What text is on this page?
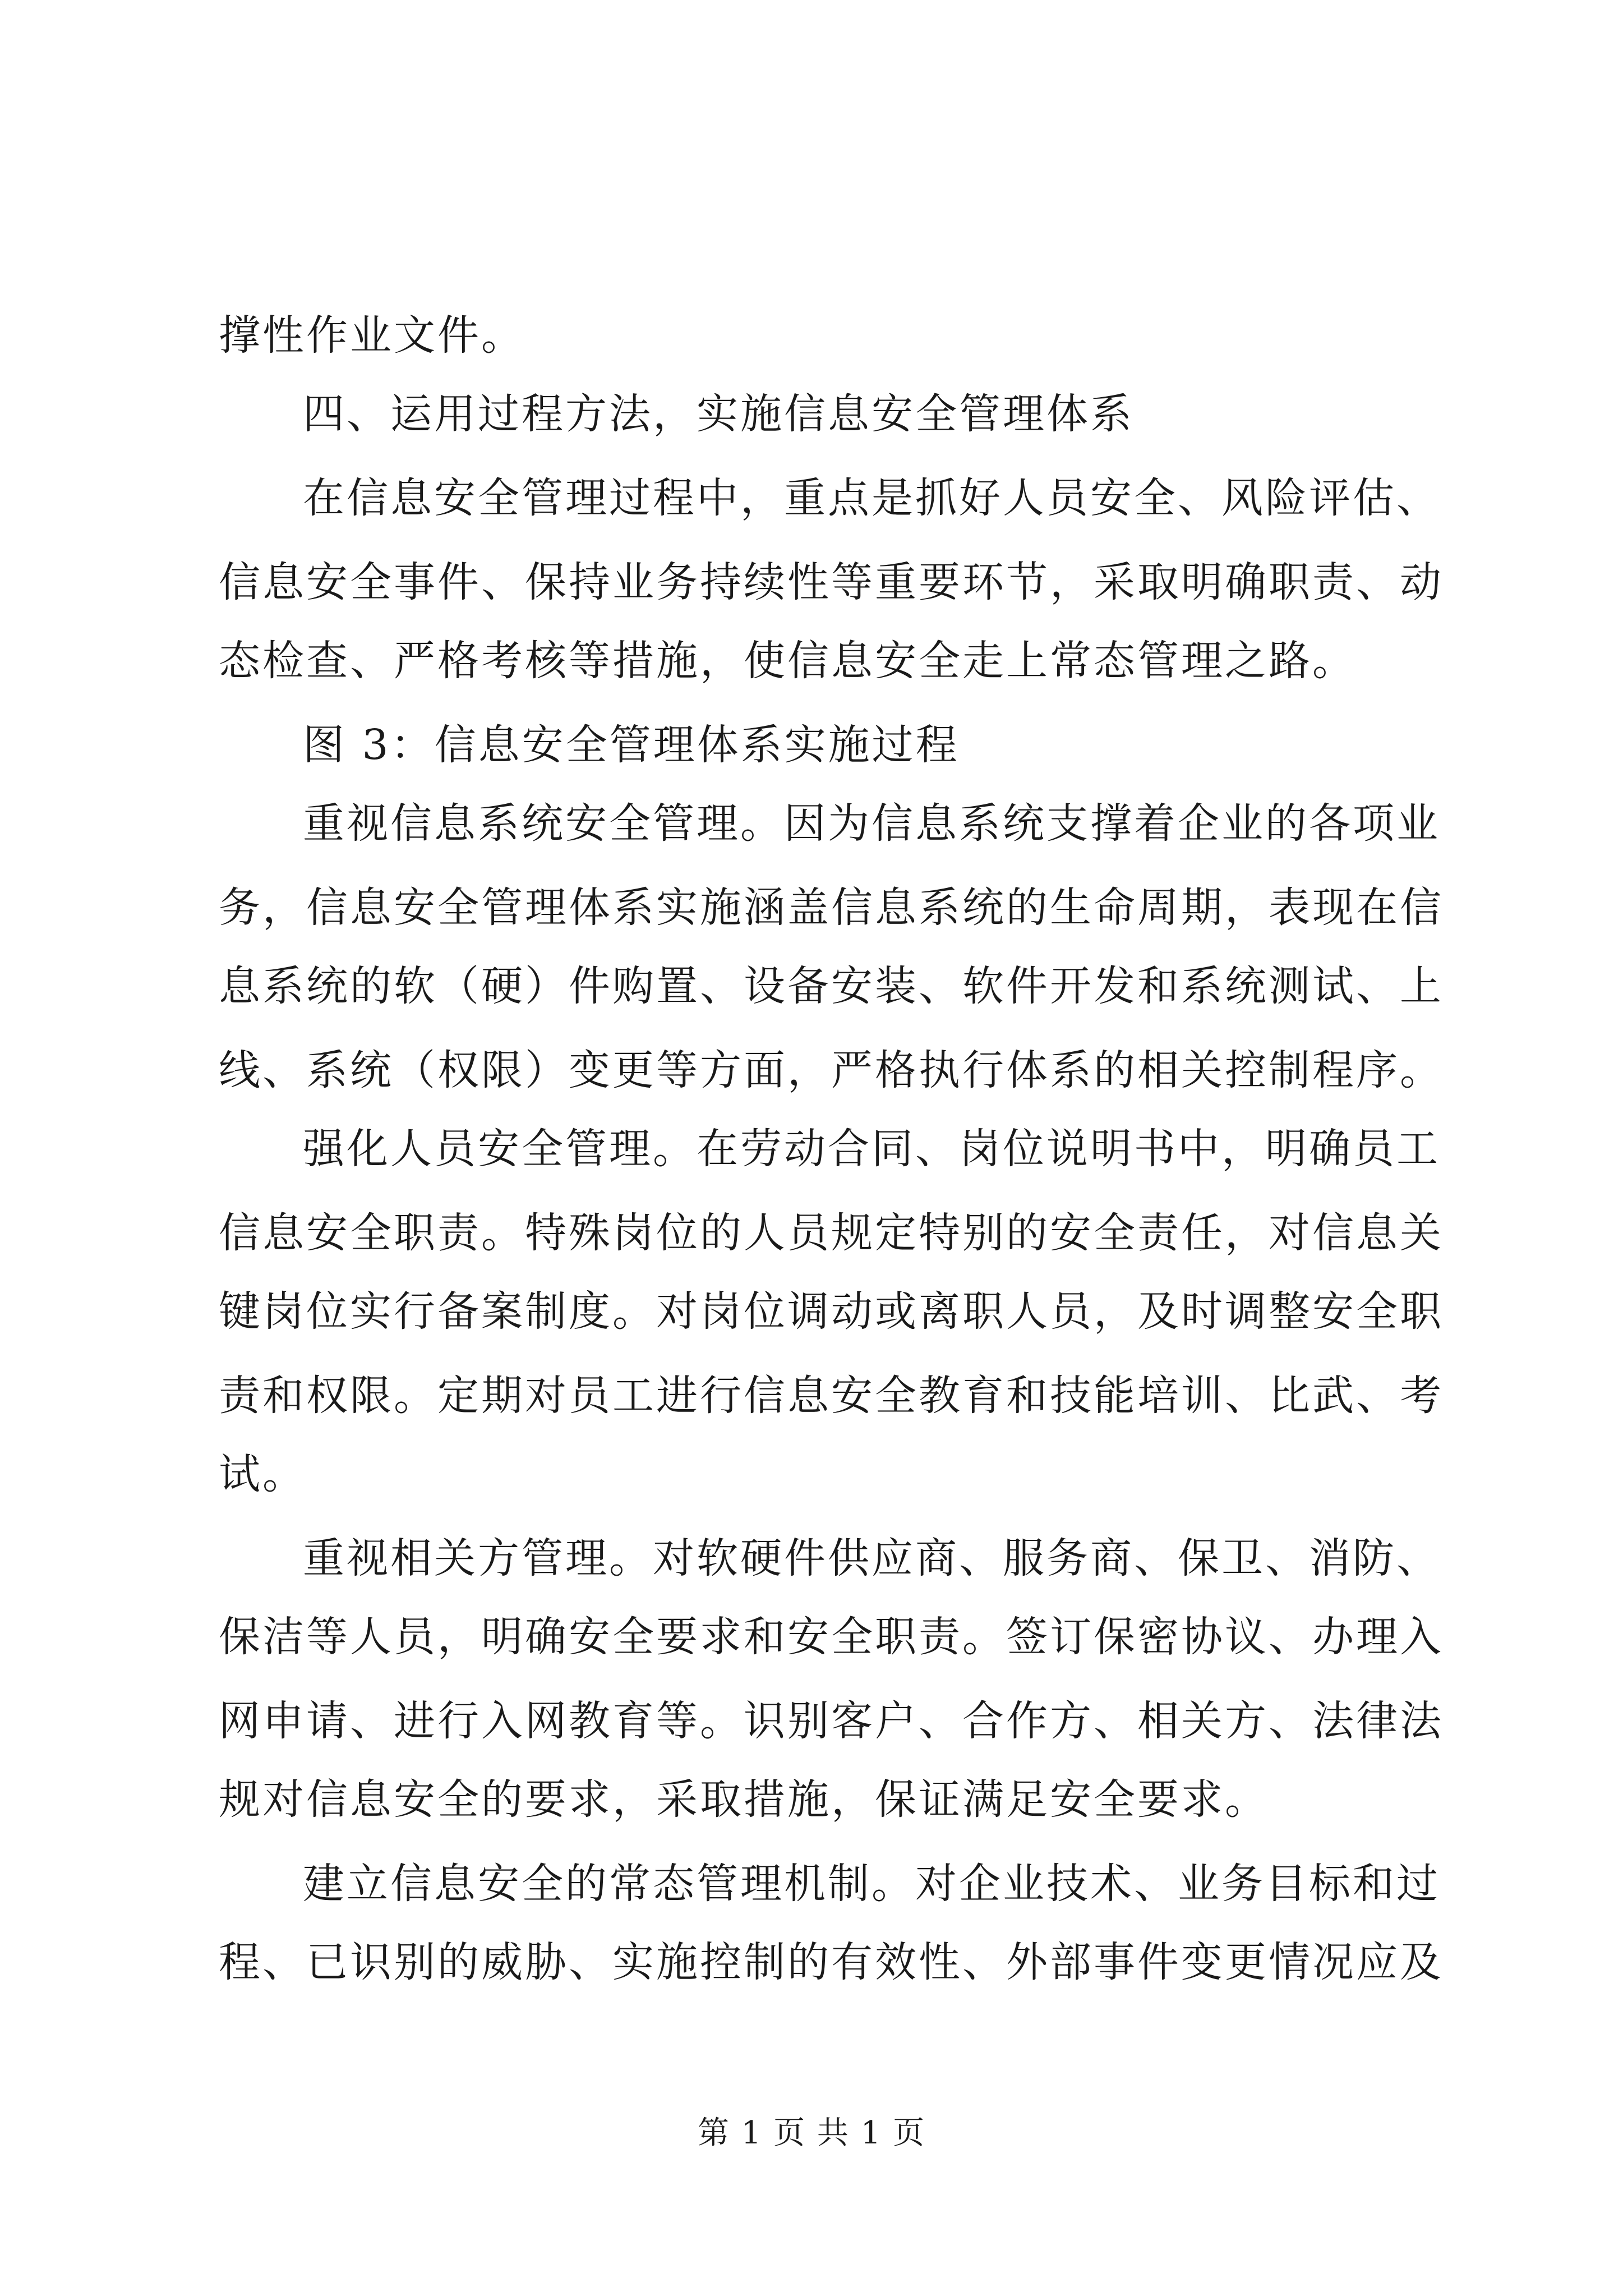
撑性作业文件。
四、运用过程方法，实施信息安全管理体系
在信息安全管理过程中，重点是抓好人员安全、风险评估、
信息安全事件、保持业务持续性等重要环节，采取明确职责、动
态检查、严格考核等措施，使信息安全走上常态管理之路。
图 3：信息安全管理体系实施过程
重视信息系统安全管理。因为信息系统支撑着企业的各项业
务，信息安全管理体系实施涵盖信息系统的生命周期，表现在信
息系统的软（硬）件购置、设备安装、软件开发和系统测试、上
线、系统（权限）变更等方面，严格执行体系的相关控制程序。
强化人员安全管理。在劳动合同、岗位说明书中，明确员工
信息安全职责。特殊岗位的人员规定特别的安全责任，对信息关
键岗位实行备案制度。对岗位调动或离职人员，及时调整安全职
责和权限。定期对员工进行信息安全教育和技能培训、比武、考
试。
重视相关方管理。对软硬件供应商、服务商、保卫、消防、
保洁等人员，明确安全要求和安全职责。签订保密协议、办理入
网申请、进行入网教育等。识别客户、合作方、相关方、法律法
规对信息安全的要求，采取措施，保证满足安全要求。
建立信息安全的常态管理机制。对企业技术、业务目标和过
程、已识别的威胁、实施控制的有效性、外部事件变更情况应及
第 1 页 共 1 页
